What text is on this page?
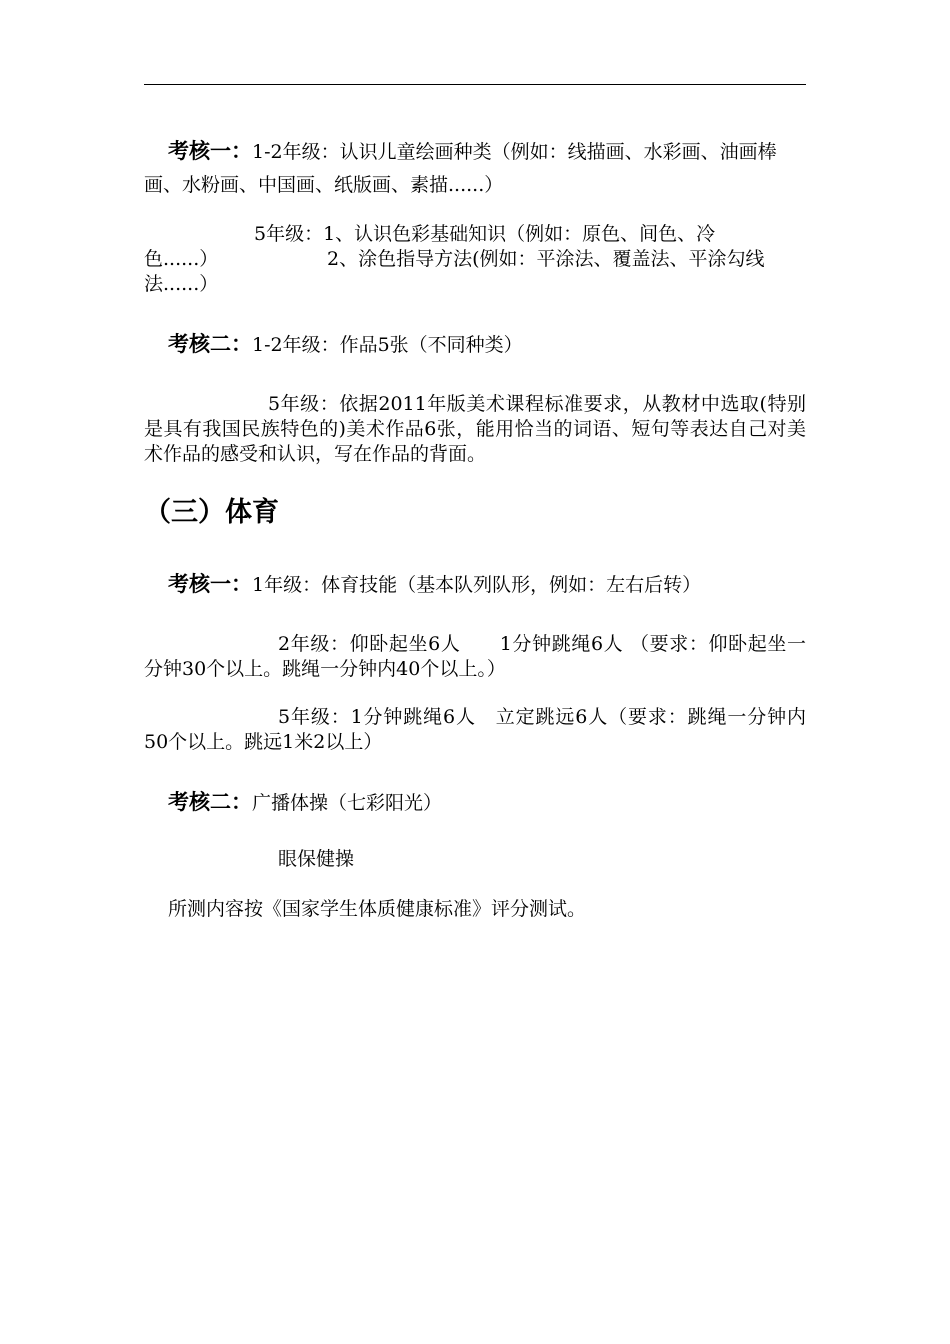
考核一：1-2年级：认识儿童绘画种类（例如：线描画、水彩画、油画棒画、水粉画、中国画、纸版画、素描......）
5年级：1、认识色彩基础知识（例如：原色、间色、冷
色......）	2、涂色指导方法(例如：平涂法、覆盖法、平涂勾线
法......）
考核二：1-2年级：作品5张（不同种类）
5年级：依据2011年版美术课程标准要求，从教材中选取(特别是具有我国民族特色的)美术作品6张，能用恰当的词语、短句等表达自己对美术作品的感受和认识，写在作品的背面。
（三）体育
考核一：1年级：体育技能（基本队列队形，例如：左右后转）
2年级：仰卧起坐6人　　1分钟跳绳6人 （要求：仰卧起坐一分钟30个以上。跳绳一分钟内40个以上。）
5年级：1分钟跳绳6人　立定跳远6人（要求：跳绳一分钟内50个以上。跳远1米2以上）
考核二：广播体操（七彩阳光）
眼保健操
所测内容按《国家学生体质健康标准》评分测试。
